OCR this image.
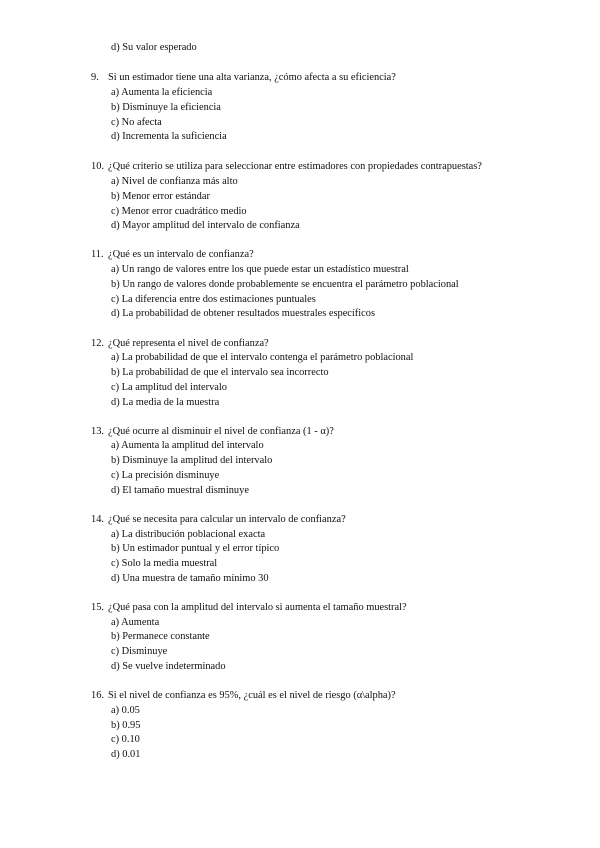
d) Su valor esperado
9. Si un estimador tiene una alta varianza, ¿cómo afecta a su eficiencia?
a) Aumenta la eficiencia
b) Disminuye la eficiencia
c) No afecta
d) Incrementa la suficiencia
10. ¿Qué criterio se utiliza para seleccionar entre estimadores con propiedades contrapuestas?
a) Nivel de confianza más alto
b) Menor error estándar
c) Menor error cuadrático medio
d) Mayor amplitud del intervalo de confianza
11. ¿Qué es un intervalo de confianza?
a) Un rango de valores entre los que puede estar un estadístico muestral
b) Un rango de valores donde probablemente se encuentra el parámetro poblacional
c) La diferencia entre dos estimaciones puntuales
d) La probabilidad de obtener resultados muestrales específicos
12. ¿Qué representa el nivel de confianza?
a) La probabilidad de que el intervalo contenga el parámetro poblacional
b) La probabilidad de que el intervalo sea incorrecto
c) La amplitud del intervalo
d) La media de la muestra
13. ¿Qué ocurre al disminuir el nivel de confianza (1 - α)?
a) Aumenta la amplitud del intervalo
b) Disminuye la amplitud del intervalo
c) La precisión disminuye
d) El tamaño muestral disminuye
14. ¿Qué se necesita para calcular un intervalo de confianza?
a) La distribución poblacional exacta
b) Un estimador puntual y el error típico
c) Solo la media muestral
d) Una muestra de tamaño mínimo 30
15. ¿Qué pasa con la amplitud del intervalo si aumenta el tamaño muestral?
a) Aumenta
b) Permanece constante
c) Disminuye
d) Se vuelve indeterminado
16. Si el nivel de confianza es 95%, ¿cuál es el nivel de riesgo (α\alpha)?
a) 0.05
b) 0.95
c) 0.10
d) 0.01
